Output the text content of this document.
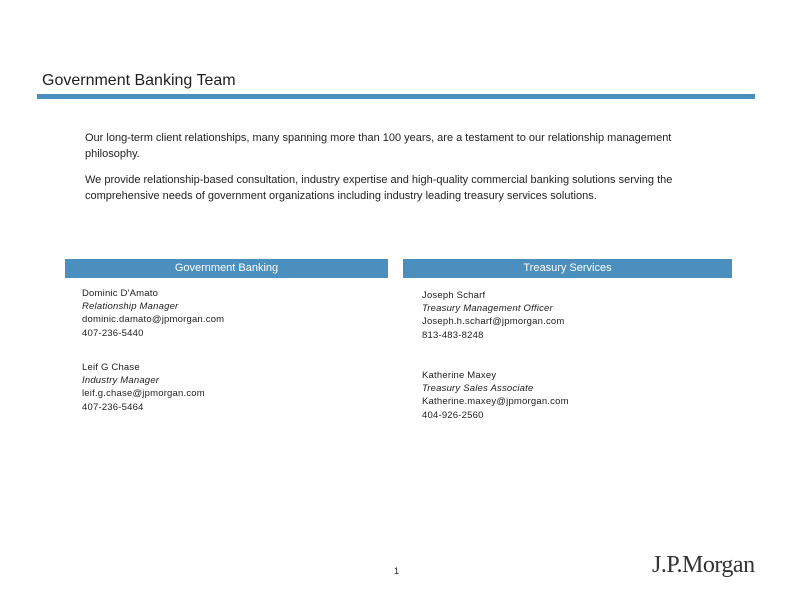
Government Banking Team
Our long-term client relationships, many spanning more than 100 years, are a testament to our relationship management philosophy.
We provide relationship-based consultation, industry expertise and high-quality commercial banking solutions serving the comprehensive needs of government organizations including industry leading treasury services solutions.
Government Banking	Treasury Services
Dominic D'Amato
Relationship Manager
dominic.damato@jpmorgan.com
407-236-5440
Leif G Chase
Industry Manager
leif.g.chase@jpmorgan.com
407-236-5464
Joseph Scharf
Treasury Management Officer
Joseph.h.scharf@jpmorgan.com
813-483-8248
Katherine Maxey
Treasury Sales Associate
Katherine.maxey@jpmorgan.com
404-926-2560
1	J.P.Morgan
